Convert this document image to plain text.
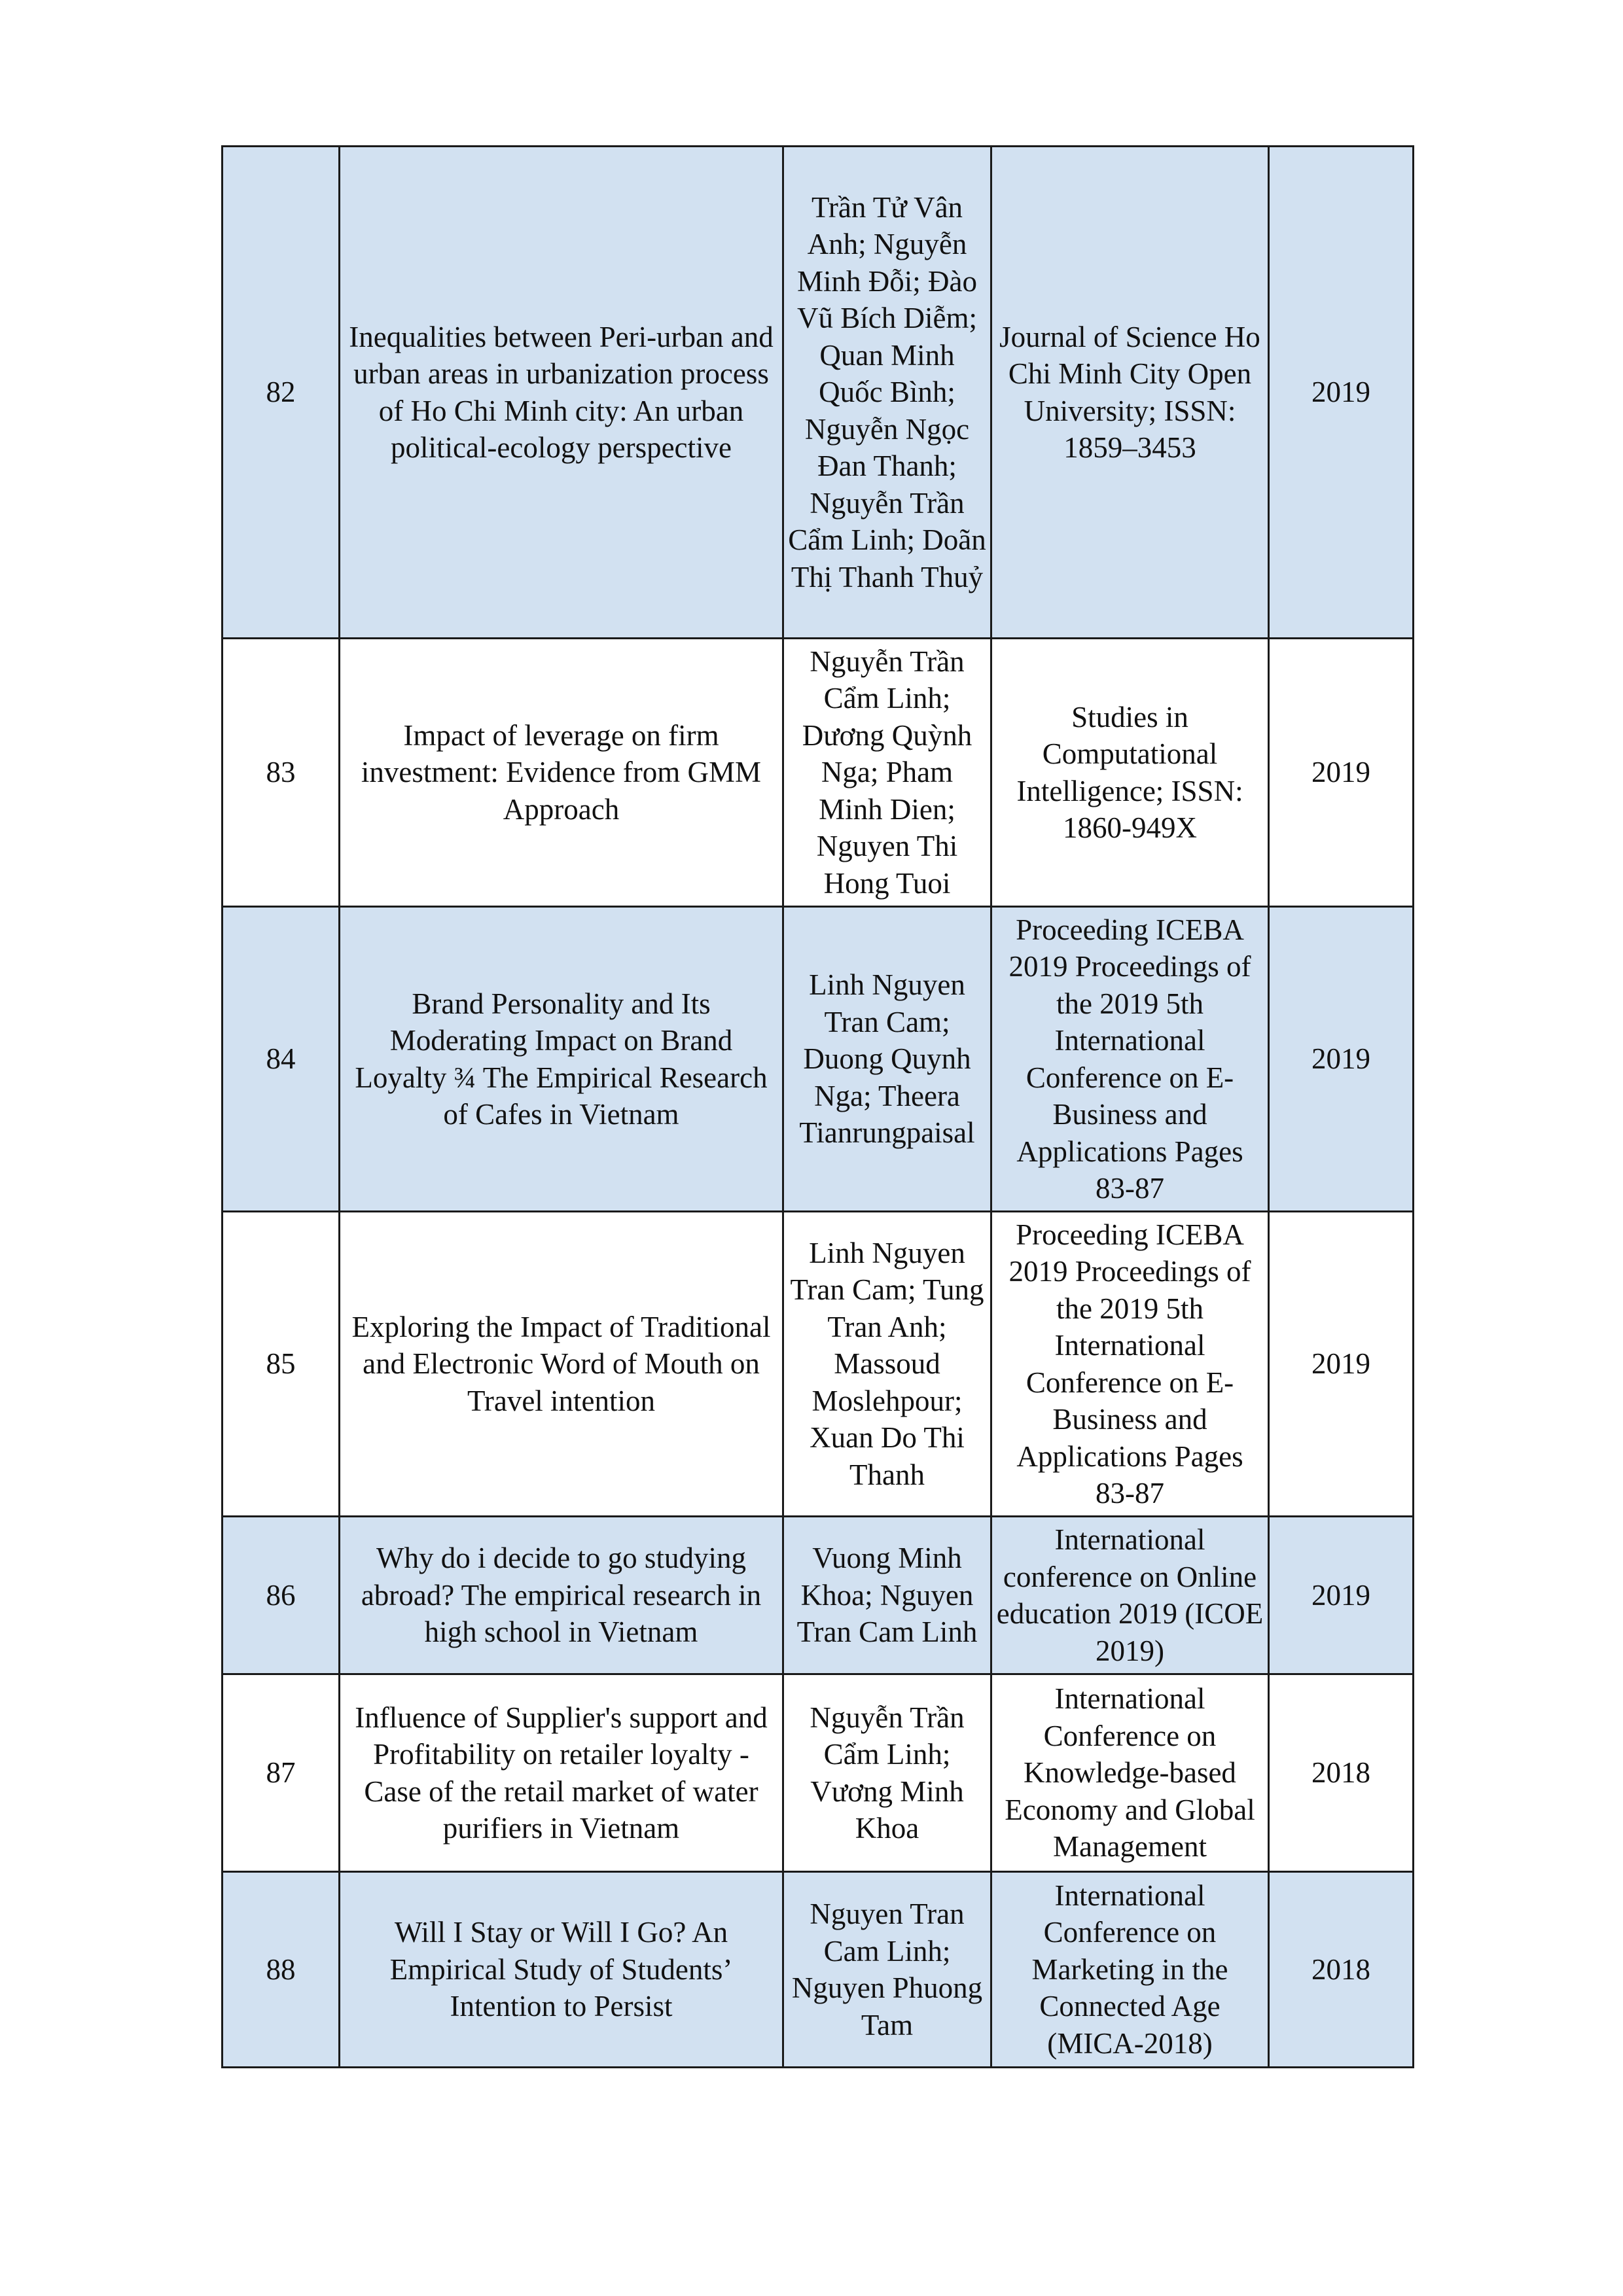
82	Inequalities between Peri-urban and urban areas in urbanization process of Ho Chi Minh city: An urban political-ecology perspective	Trần Tử Vân Anh; Nguyễn Minh Đỗi; Đào Vũ Bích Diễm; Quan Minh Quốc Bình; Nguyễn Ngọc Đan Thanh; Nguyễn Trần Cẩm Linh; Doãn Thị Thanh Thuỷ	Journal of Science Ho Chi Minh City Open University; ISSN: 1859–3453	2019
83	Impact of leverage on firm investment: Evidence from GMM Approach	Nguyễn Trần Cẩm Linh; Dương Quỳnh Nga; Pham Minh Dien; Nguyen Thi Hong Tuoi	Studies in Computational Intelligence; ISSN: 1860-949X	2019
84	Brand Personality and Its Moderating Impact on Brand Loyalty ¾ The Empirical Research of Cafes in Vietnam	Linh Nguyen Tran Cam; Duong Quynh Nga; Theera Tianrungpaisal	Proceeding ICEBA 2019 Proceedings of the 2019 5th International Conference on E-Business and Applications Pages 83-87	2019
85	Exploring the Impact of Traditional and Electronic Word of Mouth on Travel intention	Linh Nguyen Tran Cam; Tung Tran Anh; Massoud Moslehpour; Xuan Do Thi Thanh	Proceeding ICEBA 2019 Proceedings of the 2019 5th International Conference on E-Business and Applications Pages 83-87	2019
86	Why do i decide to go studying abroad? The empirical research in high school in Vietnam	Vuong Minh Khoa; Nguyen Tran Cam Linh	International conference on Online education 2019 (ICOE 2019)	2019
87	Influence of Supplier's support and Profitability on retailer loyalty - Case of the retail market of water purifiers in Vietnam	Nguyễn Trần Cẩm Linh; Vương Minh Khoa	International Conference on Knowledge-based Economy and Global Management	2018
88	Will I Stay or Will I Go? An Empirical Study of Students’ Intention to Persist	Nguyen Tran Cam Linh; Nguyen Phuong Tam	International Conference on Marketing in the Connected Age (MICA-2018)	2018
